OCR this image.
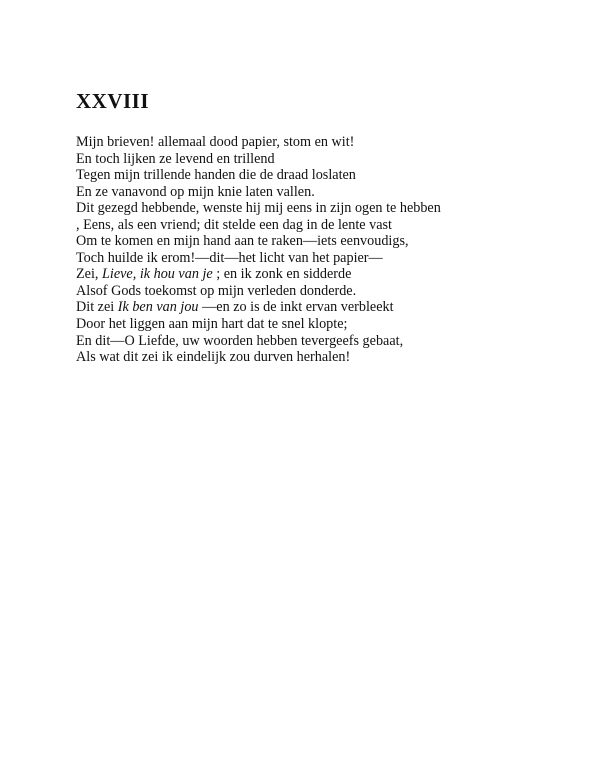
XXVIII
Mijn brieven! allemaal dood papier, stom en wit!
En toch lijken ze levend en trillend
Tegen mijn trillende handen die de draad loslaten
En ze vanavond op mijn knie laten vallen.
Dit gezegd hebbende, wenste hij mij eens in zijn ogen te hebben
, Eens, als een vriend; dit stelde een dag in de lente vast
Om te komen en mijn hand aan te raken—iets eenvoudigs,
Toch huilde ik erom!—dit—het licht van het papier—
Zei, Lieve, ik hou van je ; en ik zonk en sidderde
Alsof Gods toekomst op mijn verleden donderde.
Dit zei Ik ben van jou —en zo is de inkt ervan verbleekt
Door het liggen aan mijn hart dat te snel klopte;
En dit—O Liefde, uw woorden hebben tevergeefs gebaat,
Als wat dit zei ik eindelijk zou durven herhalen!
